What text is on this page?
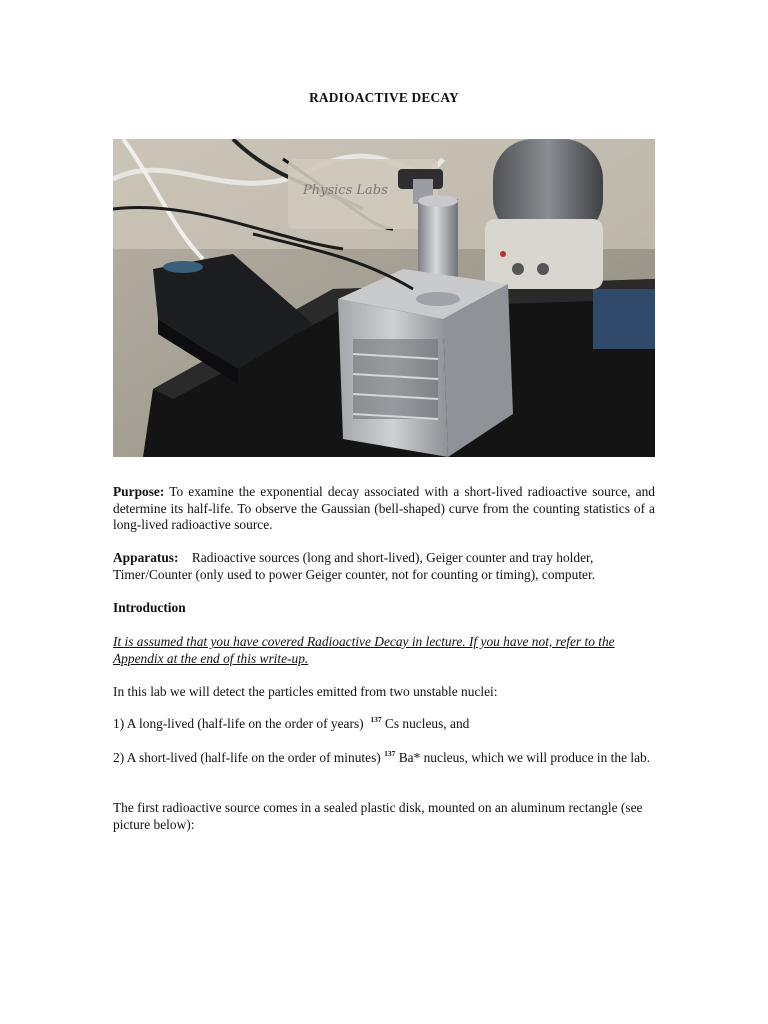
RADIOACTIVE DECAY
Physics Labs

Purpose: To examine the exponential decay associated with a short-lived radioactive source, and determine its half-life. To observe the Gaussian (bell-shaped) curve from the counting statistics of a long-lived radioactive source.

Apparatus:    Radioactive sources (long and short-lived), Geiger counter and tray holder, Timer/Counter (only used to power Geiger counter, not for counting or timing), computer.

Introduction

It is assumed that you have covered Radioactive Decay in lecture. If you have not, refer to the Appendix at the end of this write-up.

In this lab we will detect the particles emitted from two unstable nuclei:

1) A long-lived (half-life on the order of years)  $^{137}$ Cs nucleus, and

2) A short-lived (half-life on the order of minutes) $^{137}$ Ba* nucleus, which we will produce in the lab.

The first radioactive source comes in a sealed plastic disk, mounted on an aluminum rectangle (see picture below):
